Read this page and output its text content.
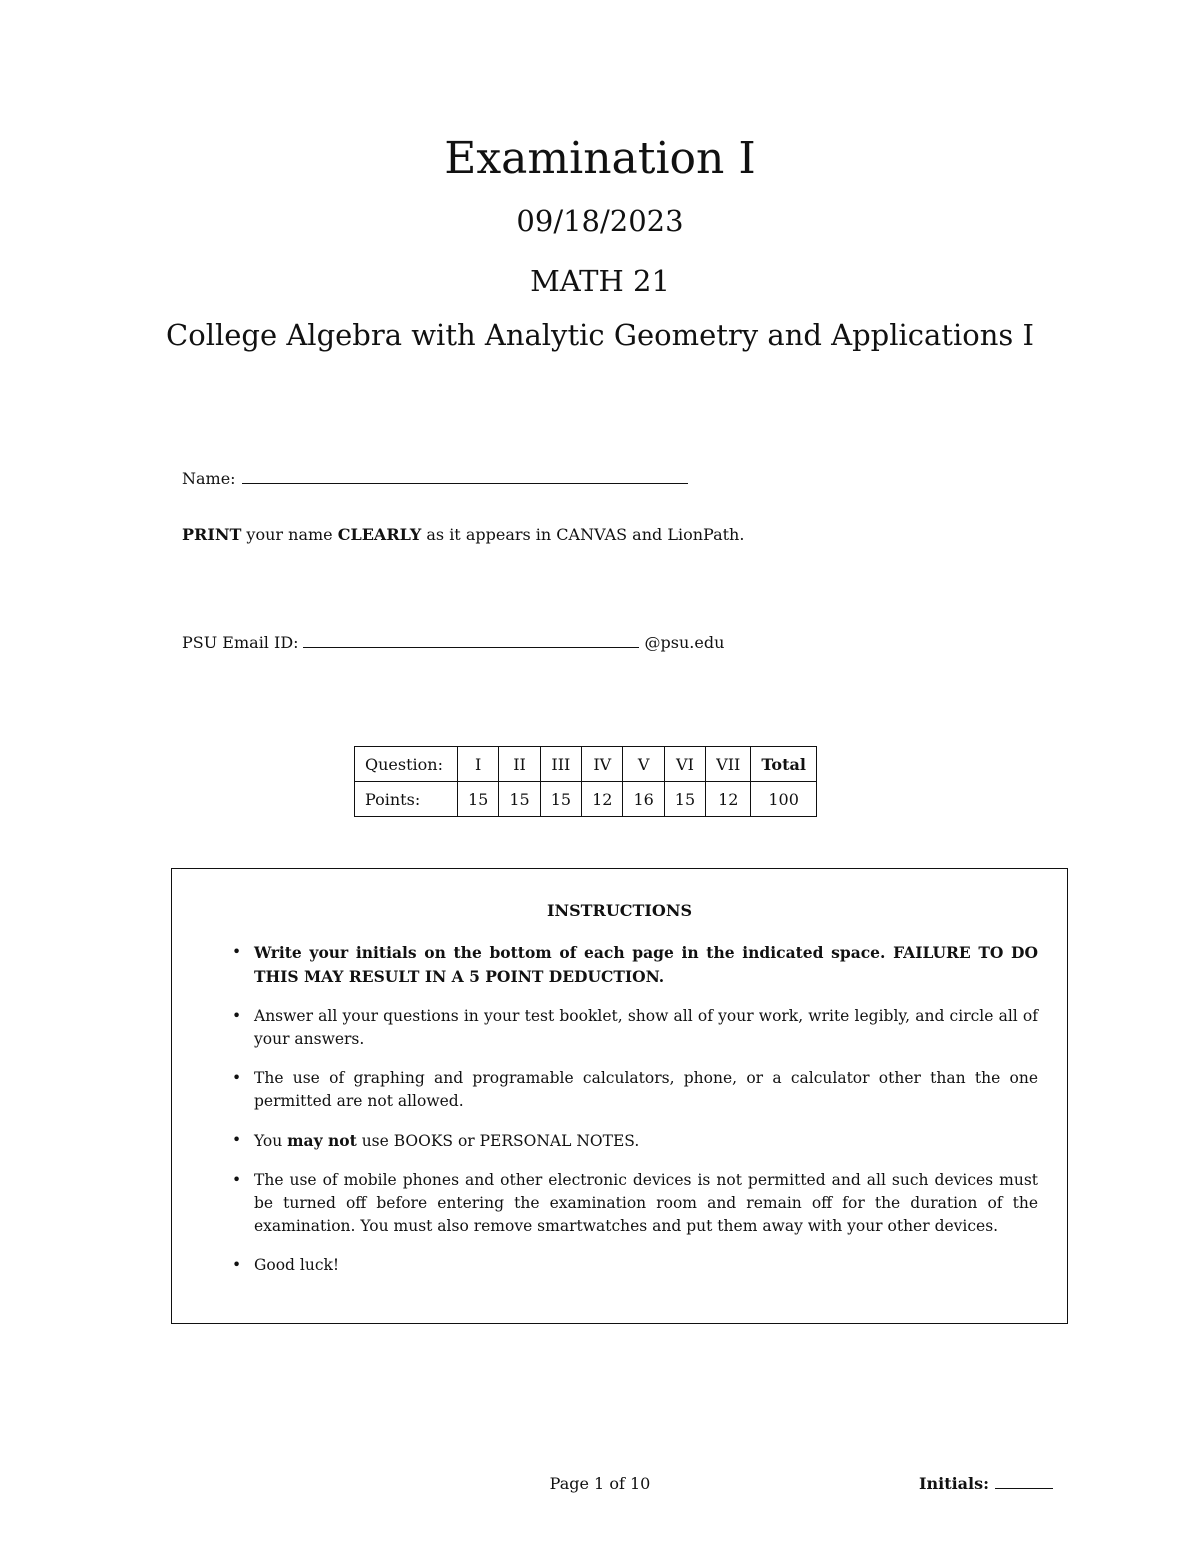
Examination I
09/18/2023
MATH 21
College Algebra with Analytic Geometry and Applications I
Name:
PRINT your name CLEARLY as it appears in CANVAS and LionPath.
PSU Email ID:	@psu.edu
Question:	I	II	III	IV	V	VI	VII	Total
Points:	15	15	15	12	16	15	12	100
INSTRUCTIONS
• Write your initials on the bottom of each page in the indicated space. FAILURE TO DO THIS MAY RESULT IN A 5 POINT DEDUCTION.
• Answer all your questions in your test booklet, show all of your work, write legibly, and circle all of your answers.
• The use of graphing and programable calculators, phone, or a calculator other than the one permitted are not allowed.
• You may not use BOOKS or PERSONAL NOTES.
• The use of mobile phones and other electronic devices is not permitted and all such devices must be turned off before entering the examination room and remain off for the duration of the examination. You must also remove smartwatches and put them away with your other devices.
• Good luck!
Page 1 of 10	Initials:
